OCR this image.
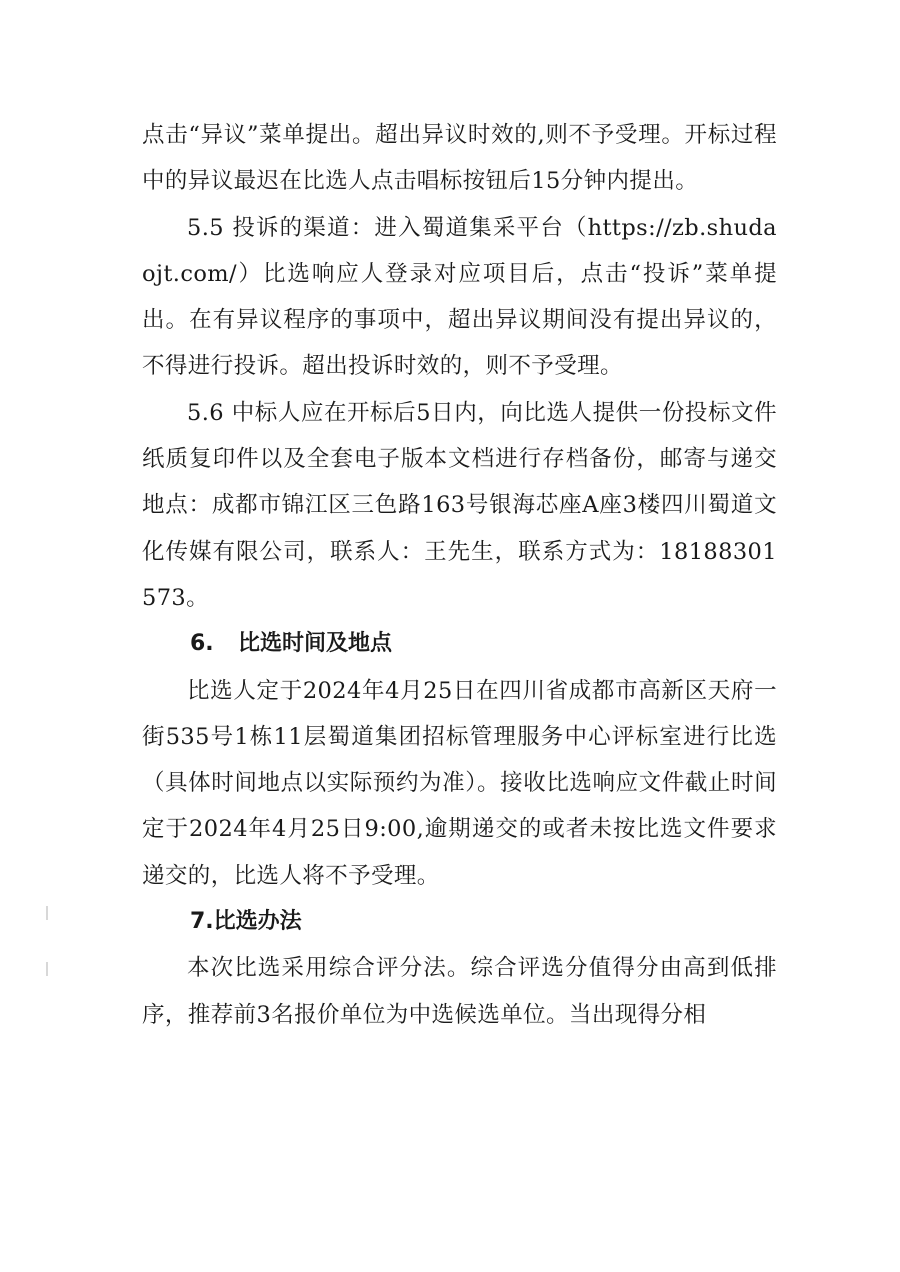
点击“异议”菜单提出。超出异议时效的,则不予受理。开标过程中的异议最迟在比选人点击唱标按钮后15分钟内提出。

5.5 投诉的渠道：进入蜀道集采平台（https://zb.shudaojt.com/）比选响应人登录对应项目后，点击“投诉”菜单提出。在有异议程序的事项中，超出异议期间没有提出异议的，不得进行投诉。超出投诉时效的，则不予受理。

5.6 中标人应在开标后5日内，向比选人提供一份投标文件纸质复印件以及全套电子版本文档进行存档备份，邮寄与递交地点：成都市锦江区三色路163号银海芯座A座3楼四川蜀道文化传媒有限公司，联系人：王先生，联系方式为：18188301573。

6. 比选时间及地点

比选人定于2024年4月25日在四川省成都市高新区天府一街535号1栋11层蜀道集团招标管理服务中心评标室进行比选（具体时间地点以实际预约为准）。接收比选响应文件截止时间定于2024年4月25日9:00,逾期递交的或者未按比选文件要求递交的，比选人将不予受理。

7.比选办法

本次比选采用综合评分法。综合评选分值得分由高到低排序，推荐前3名报价单位为中选候选单位。当出现得分相
